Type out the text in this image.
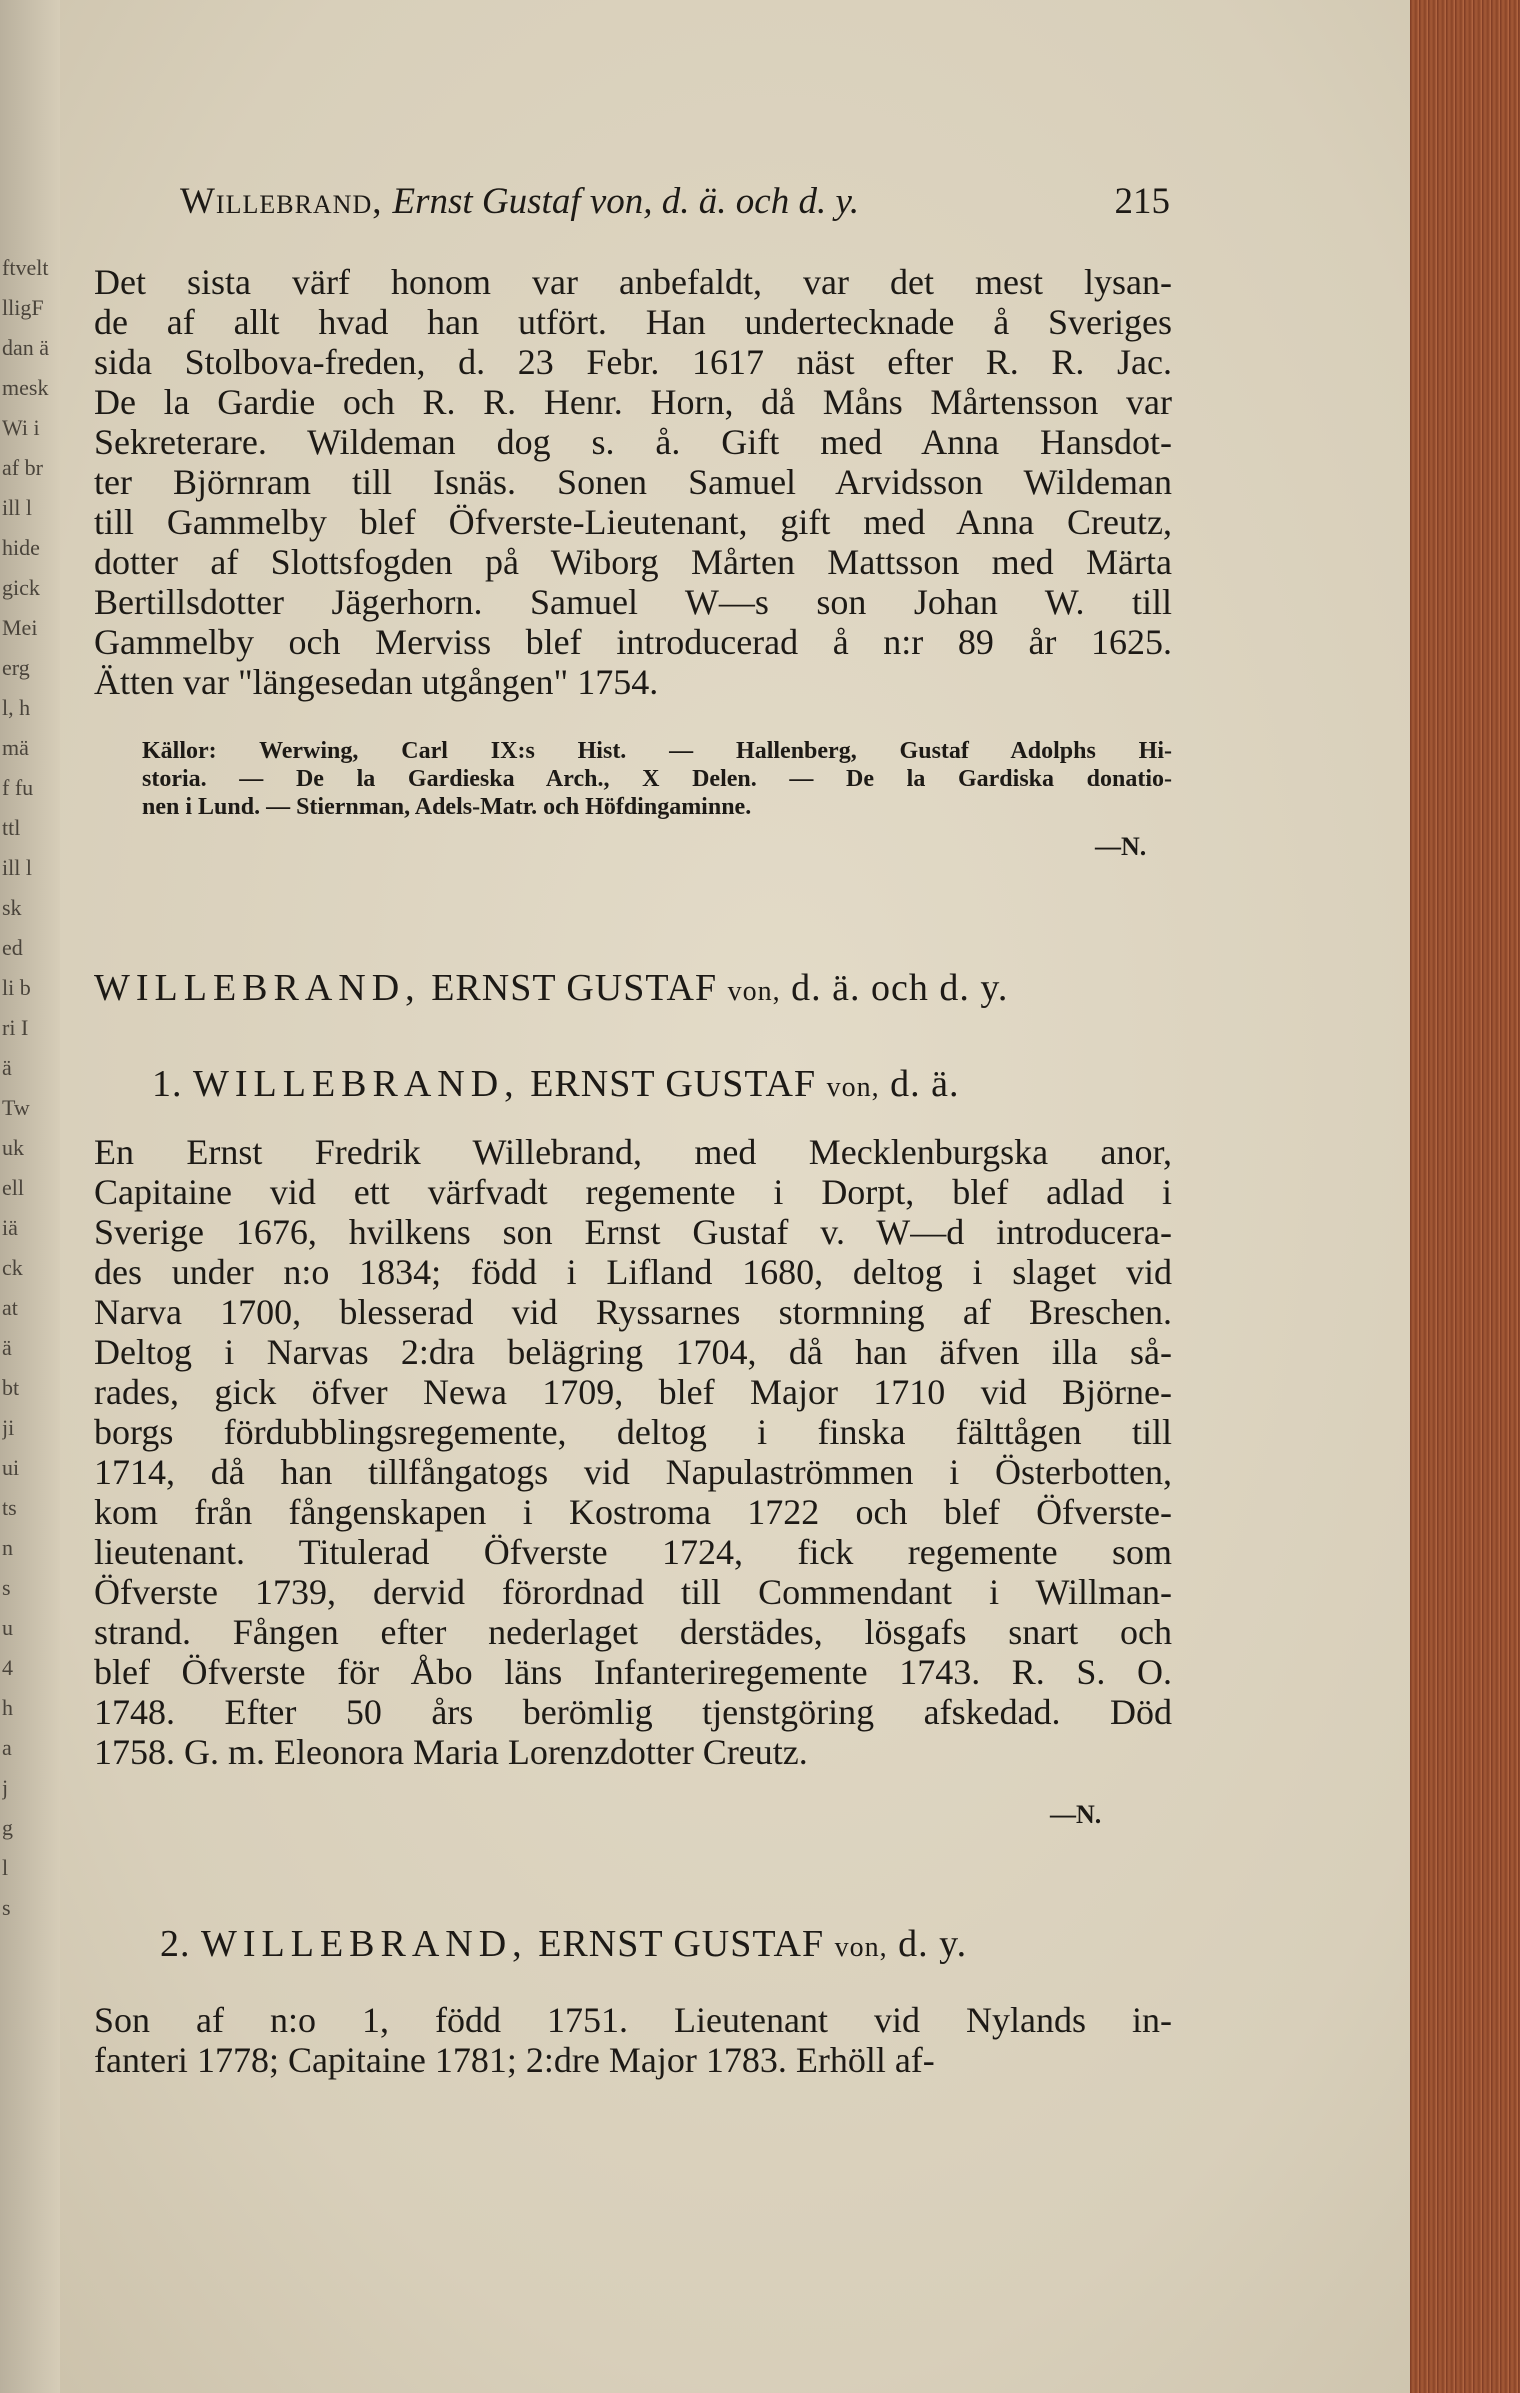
ftvelt
lligF
dan ä
mesk
Wi i
af br
ill l
hide
gick
Mei
erg
l, h
mä
f fu
ttl
ill l
sk
ed
li b
ri I
ä
Tw
uk
ell
iä
ck
at
ä
bt
ji
ui
ts
n
s
u
4
h
a
j
g
l
s
Willebrand, Ernst Gustaf von, d. ä. och d. y.	215
Det sista värf honom var anbefaldt, var det mest lysan-
de af allt hvad han utfört. Han undertecknade å Sveriges
sida Stolbova-freden, d. 23 Febr. 1617 näst efter R. R. Jac.
De la Gardie och R. R. Henr. Horn, då Måns Mårtensson var
Sekreterare. Wildeman dog s. å. Gift med Anna Hansdot-
ter Björnram till Isnäs. Sonen Samuel Arvidsson Wildeman
till Gammelby blef Öfverste-Lieutenant, gift med Anna Creutz,
dotter af Slottsfogden på Wiborg Mårten Mattsson med Märta
Bertillsdotter Jägerhorn. Samuel W—s son Johan W. till
Gammelby och Merviss blef introducerad å n:r 89 år 1625.
Ätten var "längesedan utgången" 1754.
Källor: Werwing, Carl IX:s Hist. — Hallenberg, Gustaf Adolphs Hi-
storia. — De la Gardieska Arch., X Delen. — De la Gardiska donatio-
nen i Lund. — Stiernman, Adels-Matr. och Höfdingaminne.
—N.
WILLEBRAND, ERNST GUSTAF von, d. ä. och d. y.
1. WILLEBRAND, ERNST GUSTAF von, d. ä.
En Ernst Fredrik Willebrand, med Mecklenburgska anor,
Capitaine vid ett värfvadt regemente i Dorpt, blef adlad i
Sverige 1676, hvilkens son Ernst Gustaf v. W—d introducera-
des under n:o 1834; född i Lifland 1680, deltog i slaget vid
Narva 1700, blesserad vid Ryssarnes stormning af Breschen.
Deltog i Narvas 2:dra belägring 1704, då han äfven illa så-
rades, gick öfver Newa 1709, blef Major 1710 vid Björne-
borgs fördubblingsregemente, deltog i finska fälttågen till
1714, då han tillfångatogs vid Napulaströmmen i Österbotten,
kom från fångenskapen i Kostroma 1722 och blef Öfverste-
lieutenant. Titulerad Öfverste 1724, fick regemente som
Öfverste 1739, dervid förordnad till Commendant i Willman-
strand. Fången efter nederlaget derstädes, lösgafs snart och
blef Öfverste för Åbo läns Infanteriregemente 1743. R. S. O.
1748. Efter 50 års berömlig tjenstgöring afskedad. Död
1758. G. m. Eleonora Maria Lorenzdotter Creutz.
—N.
2. WILLEBRAND, ERNST GUSTAF von, d. y.
Son af n:o 1, född 1751. Lieutenant vid Nylands in-
fanteri 1778; Capitaine 1781; 2:dre Major 1783. Erhöll af-
